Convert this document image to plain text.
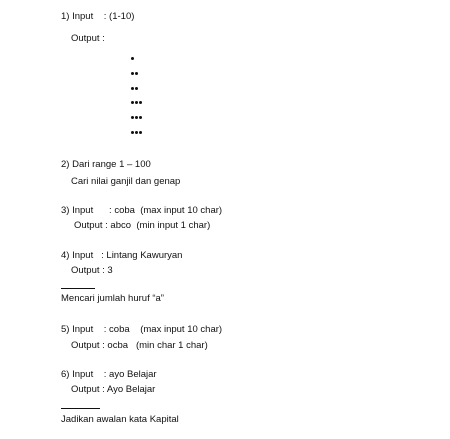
1) Input    : (1-10)
Output :
2) Dari range 1 – 100
Cari nilai ganjil dan genap
3) Input      : coba  (max input 10 char)
Output : abco  (min input 1 char)
4) Input   : Lintang Kawuryan
Output : 3
Mencari jumlah huruf “a”
5) Input    : coba    (max input 10 char)
Output : ocba   (min char 1 char)
6) Input    : ayo Belajar
Output : Ayo Belajar
Jadikan awalan kata Kapital
